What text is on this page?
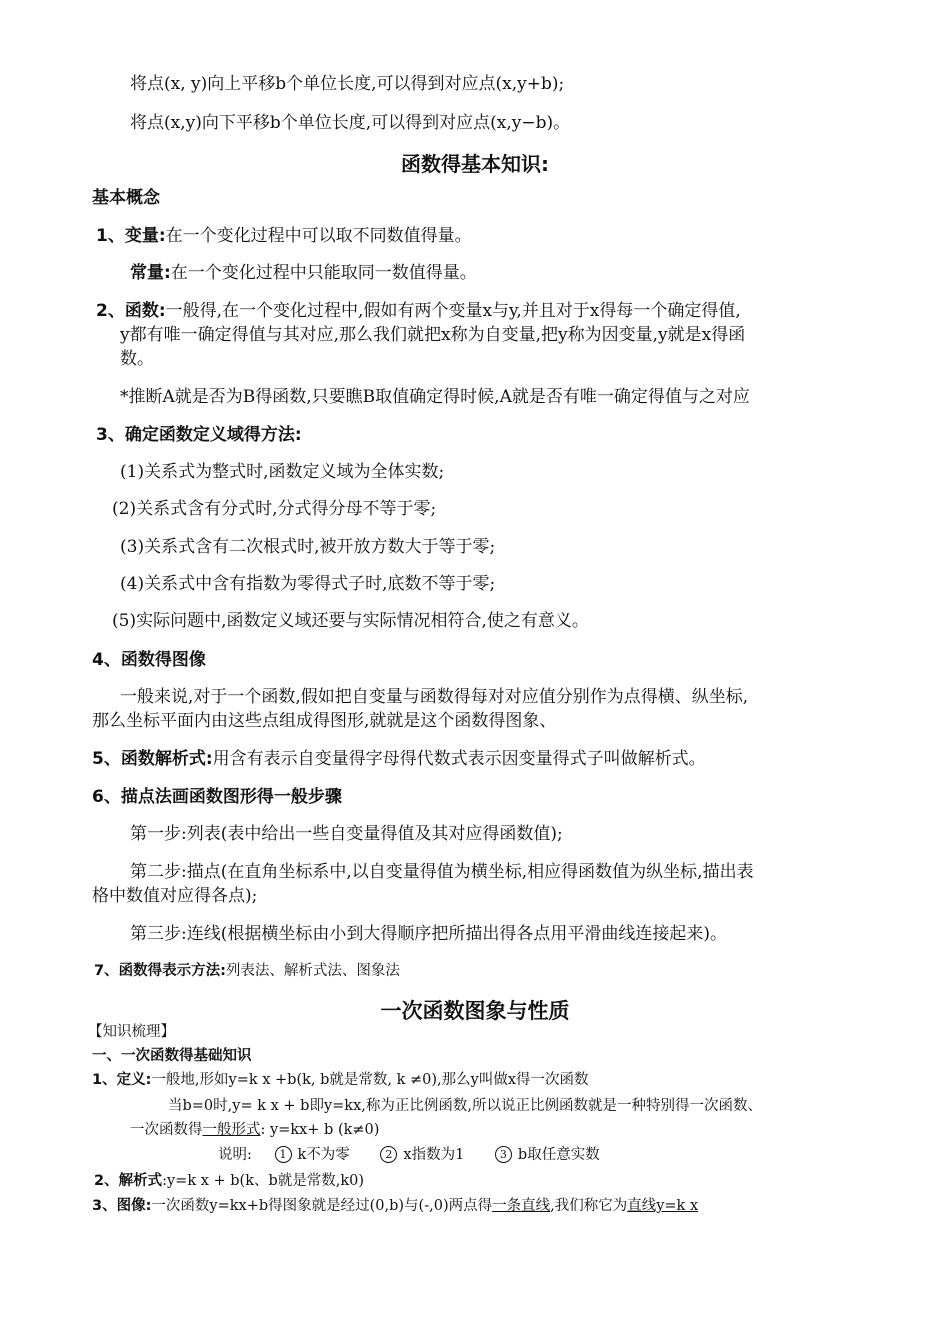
将点(x, y)向上平移b个单位长度,可以得到对应点(x,y+b);
将点(x,y)向下平移b个单位长度,可以得到对应点(x,y−b)。
函数得基本知识:
基本概念
1、变量:在一个变化过程中可以取不同数值得量。
常量:在一个变化过程中只能取同一数值得量。
2、函数:一般得,在一个变化过程中,假如有两个变量x与y,并且对于x得每一个确定得值,
y都有唯一确定得值与其对应,那么我们就把x称为自变量,把y称为因变量,y就是x得函
数。
*推断A就是否为B得函数,只要瞧B取值确定得时候,A就是否有唯一确定得值与之对应
3、确定函数定义域得方法:
(1)关系式为整式时,函数定义域为全体实数;
(2)关系式含有分式时,分式得分母不等于零;
(3)关系式含有二次根式时,被开放方数大于等于零;
(4)关系式中含有指数为零得式子时,底数不等于零;
(5)实际问题中,函数定义域还要与实际情况相符合,使之有意义。
4、函数得图像
一般来说,对于一个函数,假如把自变量与函数得每对对应值分别作为点得横、纵坐标,
那么坐标平面内由这些点组成得图形,就就是这个函数得图象、
5、函数解析式:用含有表示自变量得字母得代数式表示因变量得式子叫做解析式。
6、描点法画函数图形得一般步骤
第一步:列表(表中给出一些自变量得值及其对应得函数值);
第二步:描点(在直角坐标系中,以自变量得值为横坐标,相应得函数值为纵坐标,描出表
格中数值对应得各点);
第三步:连线(根据横坐标由小到大得顺序把所描出得各点用平滑曲线连接起来)。
7、函数得表示方法:列表法、解析式法、图象法
一次函数图象与性质
【知识梳理】
一、一次函数得基础知识
1、定义:一般地,形如y=k x +b(k, b就是常数, k ≠0),那么y叫做x得一次函数
当b=0时,y= k x + b即y=kx,称为正比例函数,所以说正比例函数就是一种特别得一次函数、
一次函数得一般形式: y=kx+ b (k≠0)
说明:	1 k不为零	2 x指数为1	3 b取任意实数
2、解析式:y=k x + b(k、b就是常数,k0)
3、图像:一次函数y=kx+b得图象就是经过(0,b)与(-,0)两点得一条直线,我们称它为直线y=k x
